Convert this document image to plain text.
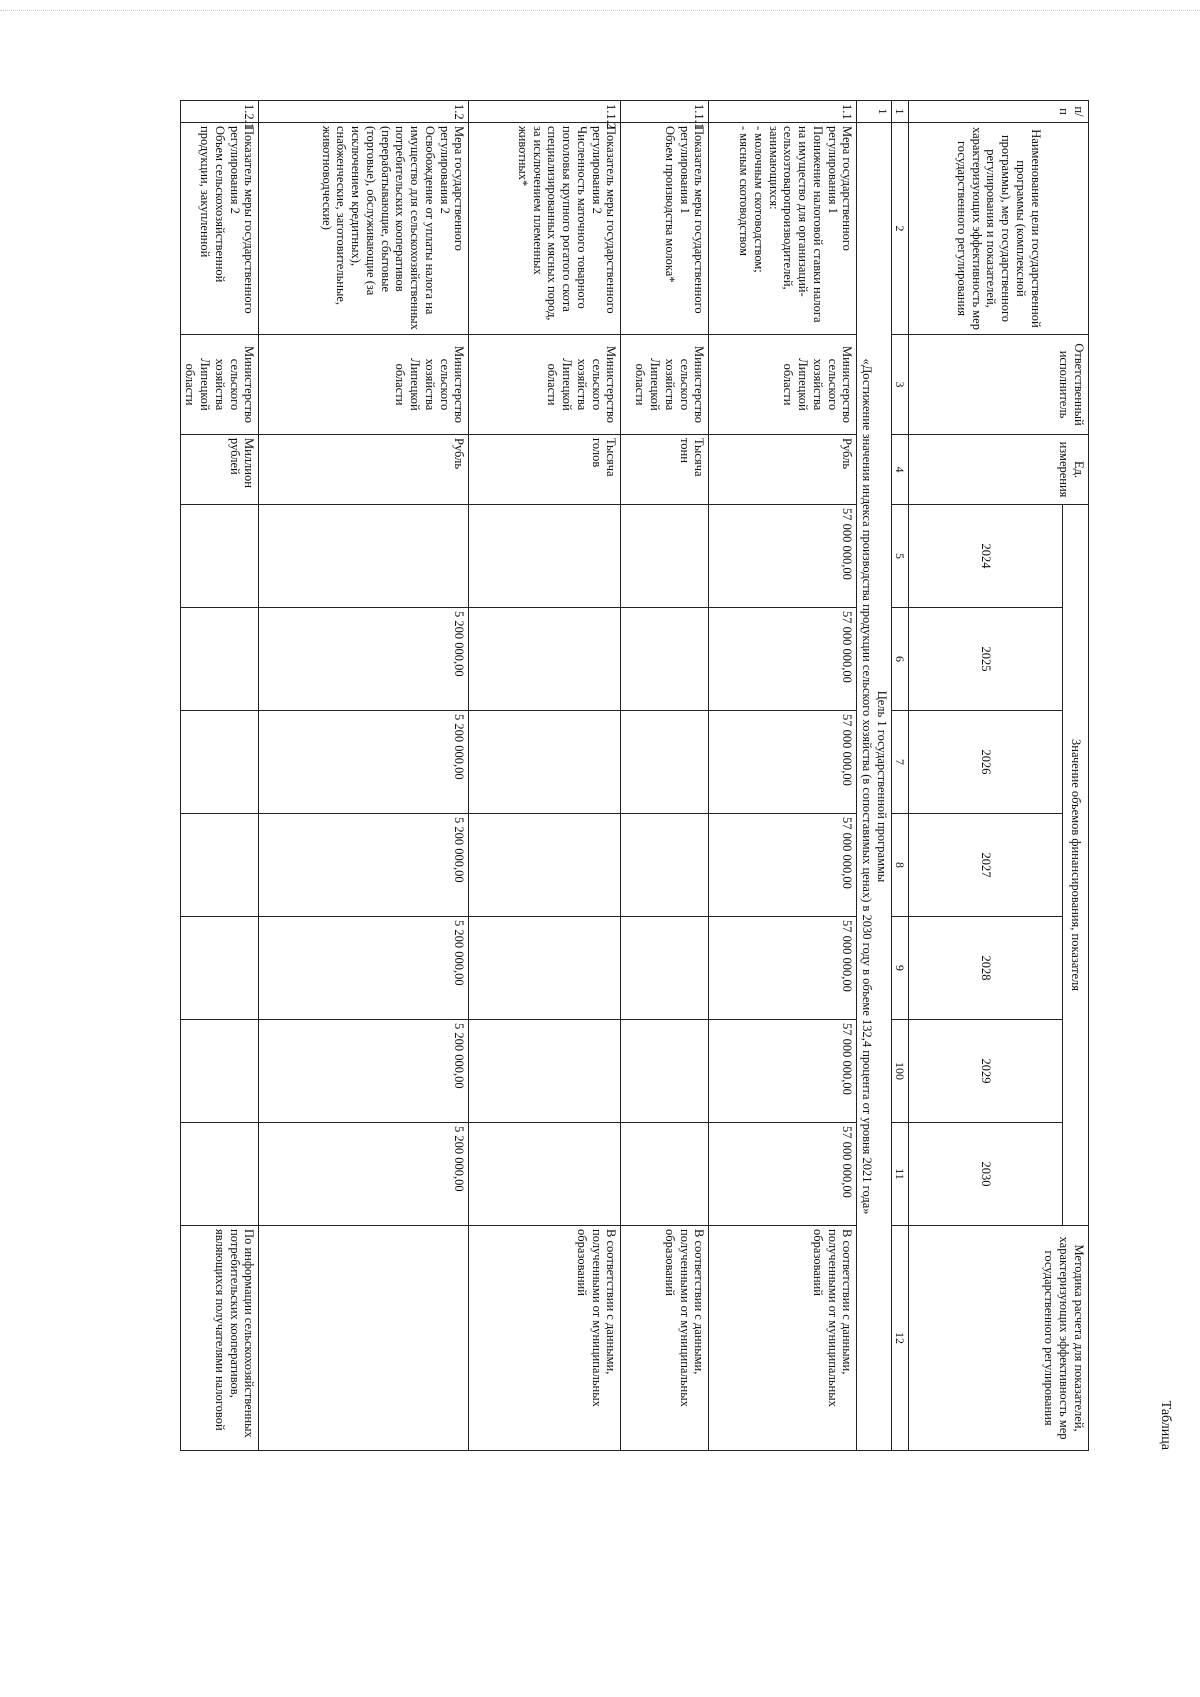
Таблица
п/п	Наименование цели государственной программы (комплексной программы), мер государственного регулирования и показателей, характеризующих эффективность мер государственного регулирования	Ответственный исполнитель	Ед. измерения	Значение объемов финансирования, показателя							Методика расчета для показателей, характеризующих эффективность мер государственного регулирования
				2024	2025	2026	2027	2028	2029	2030	
1	2	3	4	5	6	7	8	9	100	11	12
1	Цель 1 государственной программы
«Достижение значения индекса производства продукции сельского хозяйства (в сопоставимых ценах) в 2030 году в объеме 132,4 процента от уровня 2021 года»										

1.1	Мера государственного регулирования 1
Понижение налоговой ставки налога на имущество для организаций-сельхозтоваропроизводителей, занимающихся:
- молочным скотоводством;
- мясным скотоводством	Министерство сельского хозяйства Липецкой области	Рубль	57 000 000,00	57 000 000,00	57 000 000,00	57 000 000,00	57 000 000,00	57 000 000,00	57 000 000,00	В соответствии с данными, полученными от муниципальных образований
1.1.1	Показатель меры государственного регулирования 1
Объем производства молока*	Министерство сельского хозяйства Липецкой области	Тысяча тонн								В соответствии с данными, полученными от муниципальных образований
1.1.2	Показатель меры государственного регулирования 2
Численность маточного товарного поголовья крупного рогатого скота специализированных мясных пород, за исключением племенных животных*	Министерство сельского хозяйства Липецкой области	Тысяча голов								В соответствии с данными, полученными от муниципальных образований
1.2	Мера государственного регулирования 2
Освобождение от уплаты налога на имущество для сельскохозяйственных потребительских кооперативов (перерабатывающие, сбытовые (торговые), обслуживающие (за исключением кредитных), снабженческие, заготовительные, животноводческие)	Министерство сельского хозяйства Липецкой области	Рубль		5 200 000,00	5 200 000,00	5 200 000,00	5 200 000,00	5 200 000,00	5 200 000,00	
1.2.1	Показатель меры государственного регулирования 2
Объем сельскохозяйственной продукции, закупленной	Министерство сельского хозяйства Липецкой области	Миллион рублей								По информации сельскохозяйственных потребительских кооперативов, являющихся получателями налоговой
